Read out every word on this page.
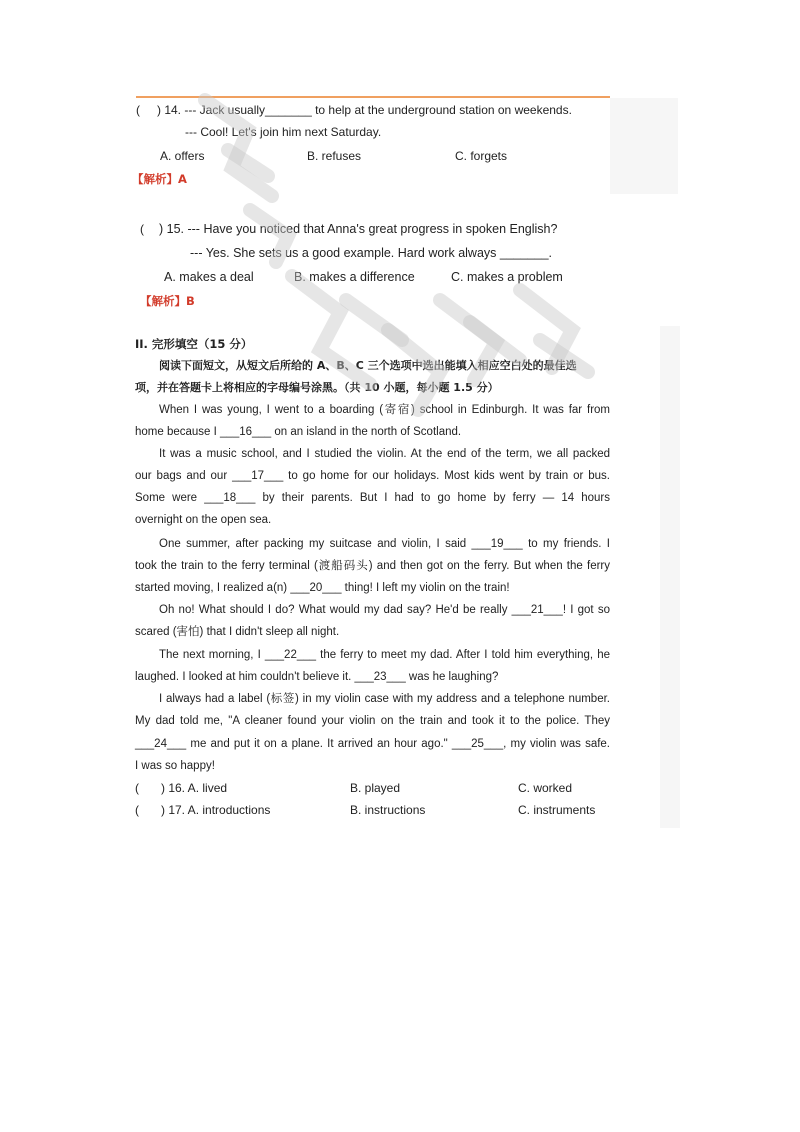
( ) 14. --- Jack usually_______ to help at the underground station on weekends.
--- Cool! Let's join him next Saturday.
A. offers	B. refuses	C. forgets
【解析】A
( ) 15. --- Have you noticed that Anna's great progress in spoken English?
--- Yes. She sets us a good example. Hard work always _______.
A. makes a deal	B. makes a difference	C. makes a problem
【解析】B
II. 完形填空（15 分）
阅读下面短文，从短文后所给的 A、B、C 三个选项中选出能填入相应空白处的最佳选
项，并在答题卡上将相应的字母编号涂黑。（共 10 小题，每小题 1.5 分）
When I was young, I went to a boarding (寄宿) school in Edinburgh. It was far from
home because I ___16___ on an island in the north of Scotland.
It was a music school, and I studied the violin. At the end of the term, we all packed
our bags and our ___17___ to go home for our holidays. Most kids went by train or bus.
Some were ___18___ by their parents. But I had to go home by ferry — 14 hours
overnight on the open sea.
One summer, after packing my suitcase and violin, I said ___19___ to my friends. I
took the train to the ferry terminal (渡船码头) and then got on the ferry. But when the ferry
started moving, I realized a(n) ___20___ thing! I left my violin on the train!
Oh no! What should I do? What would my dad say? He'd be really ___21___! I got so
scared (害怕) that I didn't sleep all night.
The next morning, I ___22___ the ferry to meet my dad. After I told him everything, he
laughed. I looked at him couldn't believe it. ___23___ was he laughing?
I always had a label (标签) in my violin case with my address and a telephone number.
My dad told me, "A cleaner found your violin on the train and took it to the police. They
___24___ me and put it on a plane. It arrived an hour ago." ___25___, my violin was safe.
I was so happy!
( ) 16. A. lived	B. played	C. worked
( ) 17. A. introductions	B. instructions	C. instruments
